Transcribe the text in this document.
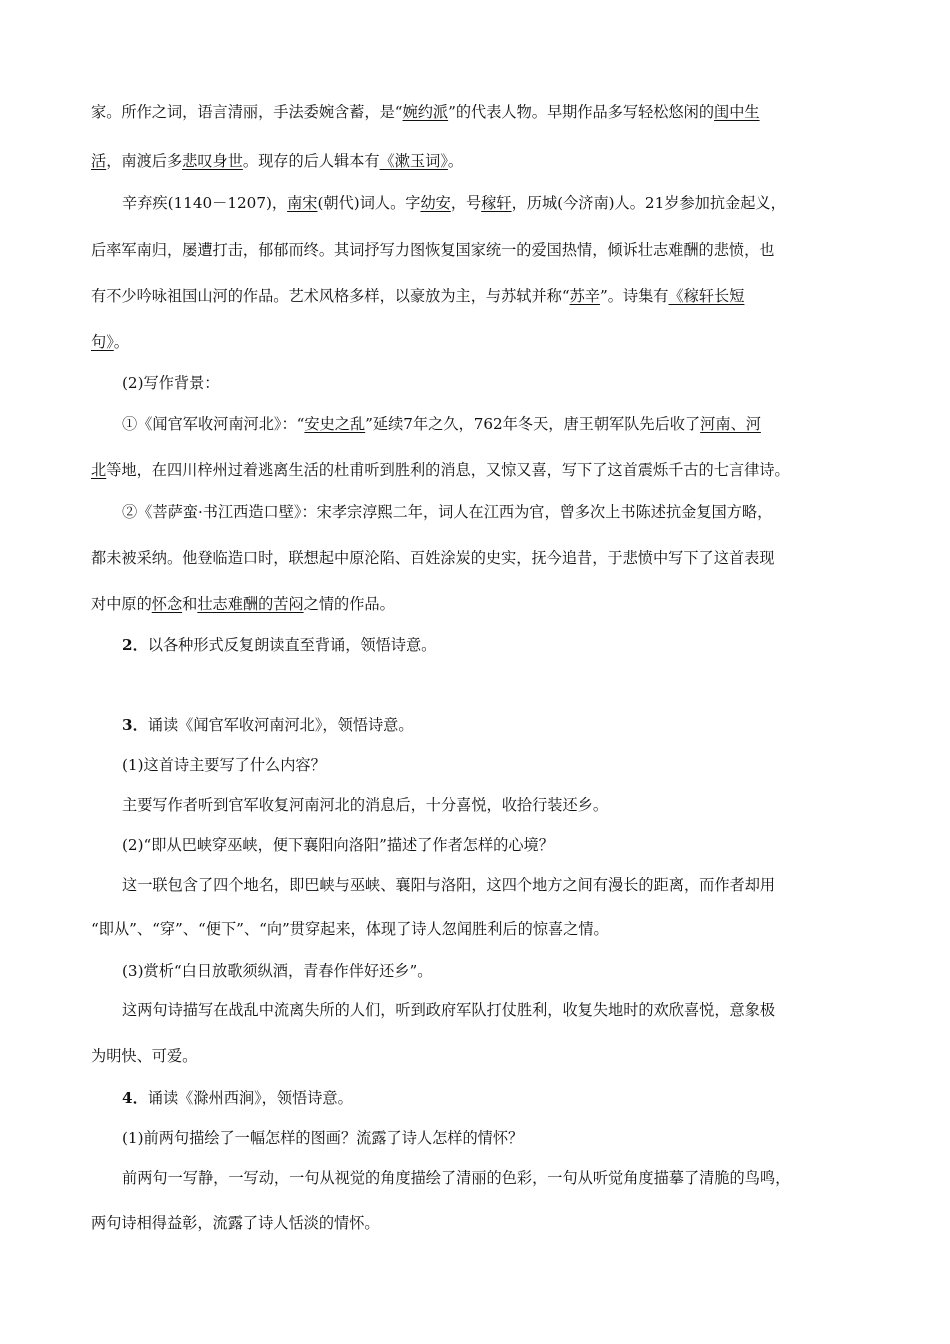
家。所作之词，语言清丽，手法委婉含蓄，是“婉约派”的代表人物。早期作品多写轻松悠闲的闺中生
活，南渡后多悲叹身世。现存的后人辑本有《漱玉词》。
辛弃疾(1140－1207)，南宋(朝代)词人。字幼安，号稼轩，历城(今济南)人。21岁参加抗金起义，
后率军南归，屡遭打击，郁郁而终。其词抒写力图恢复国家统一的爱国热情，倾诉壮志难酬的悲愤，也
有不少吟咏祖国山河的作品。艺术风格多样，以豪放为主，与苏轼并称“苏辛”。诗集有《稼轩长短
句》。
(2)写作背景：
①《闻官军收河南河北》：“安史之乱”延续7年之久，762年冬天，唐王朝军队先后收了河南、河
北等地，在四川梓州过着逃离生活的杜甫听到胜利的消息，又惊又喜，写下了这首震烁千古的七言律诗。
②《菩萨蛮·书江西造口壁》：宋孝宗淳熙二年，词人在江西为官，曾多次上书陈述抗金复国方略，
都未被采纳。他登临造口时，联想起中原沦陷、百姓涂炭的史实，抚今追昔，于悲愤中写下了这首表现
对中原的怀念和壮志难酬的苦闷之情的作品。
2．以各种形式反复朗读直至背诵，领悟诗意。
3．诵读《闻官军收河南河北》，领悟诗意。
(1)这首诗主要写了什么内容？
主要写作者听到官军收复河南河北的消息后，十分喜悦，收拾行装还乡。
(2)“即从巴峡穿巫峡，便下襄阳向洛阳”描述了作者怎样的心境？
这一联包含了四个地名，即巴峡与巫峡、襄阳与洛阳，这四个地方之间有漫长的距离，而作者却用
“即从”、“穿”、“便下”、“向”贯穿起来，体现了诗人忽闻胜利后的惊喜之情。
(3)赏析“白日放歌须纵酒，青春作伴好还乡”。
这两句诗描写在战乱中流离失所的人们，听到政府军队打仗胜利，收复失地时的欢欣喜悦，意象极
为明快、可爱。
4．诵读《滁州西涧》，领悟诗意。
(1)前两句描绘了一幅怎样的图画？流露了诗人怎样的情怀？
前两句一写静，一写动，一句从视觉的角度描绘了清丽的色彩，一句从听觉角度描摹了清脆的鸟鸣，
两句诗相得益彰，流露了诗人恬淡的情怀。
